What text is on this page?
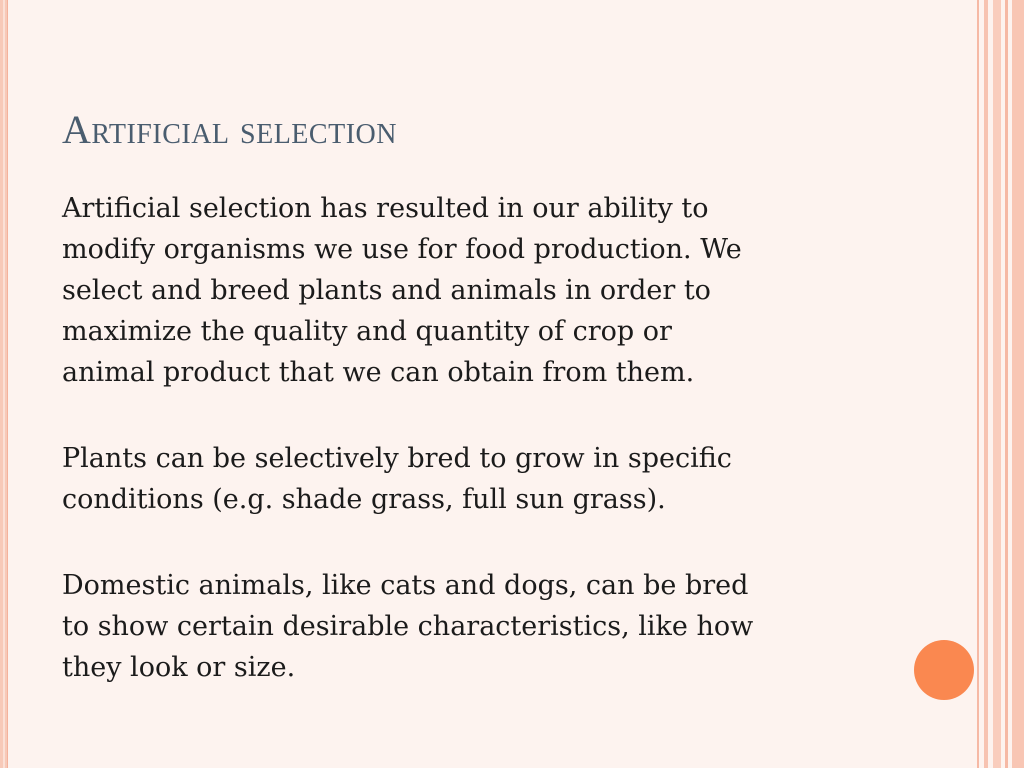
Artificial selection

Artificial selection has resulted in our ability to
modify organisms we use for food production. We
select and breed plants and animals in order to
maximize the quality and quantity of crop or
animal product that we can obtain from them.

Plants can be selectively bred to grow in specific
conditions (e.g. shade grass, full sun grass).

Domestic animals, like cats and dogs, can be bred
to show certain desirable characteristics, like how
they look or size.
